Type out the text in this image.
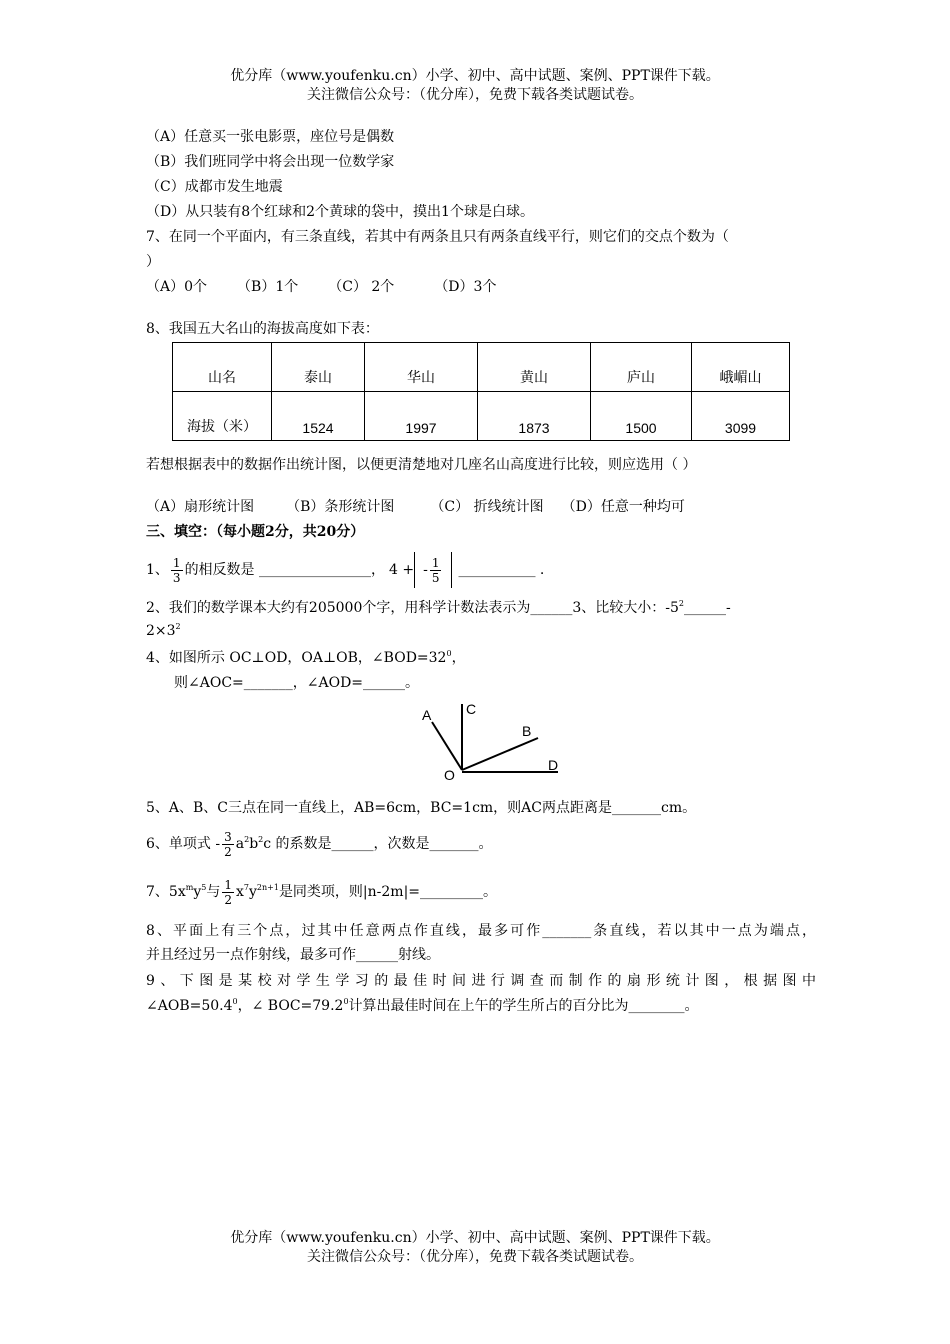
优分库（www.youfenku.cn）小学、初中、高中试题、案例、PPT课件下载。
关注微信公众号：（优分库），免费下载各类试题试卷。
（A）任意买一张电影票，座位号是偶数
（B）我们班同学中将会出现一位数学家
（C）成都市发生地震
（D）从只装有8个红球和2个黄球的袋中，摸出1个球是白球。
7、在同一个平面内，有三条直线，若其中有两条且只有两条直线平行，则它们的交点个数为（
）
（A）0个 （B）1个 （C） 2个	（D）3个
8、我国五大名山的海拔高度如下表：
山名	泰山	华山	黄山	庐山	峨嵋山
海拔（米）	1524	1997	1873	1500	3099
若想根据表中的数据作出统计图，以便更清楚地对几座名山高度进行比较，则应选用（ ）
（A）扇形统计图 （B）条形统计图	（C） 折线统计图 （D）任意一种均可
三、填空：（每小题2分，共20分）
1、 $\frac{1}{3}$ 的相反数是 ________________， 4 + - $\frac{1}{5}$ ___________ .
2、我们的数学课本大约有205000个字，用科学计数法表示为______3、比较大小：$-5^2\_\_\_\_\_\_-$
$2\times 3^2$
4、如图所示 OC⊥OD，OA⊥OB，$\angle BOD=32^0$，
则∠AOC=_______，∠AOD=______。
A C
B
O
D
5、A、B、C三点在同一直线上，AB=6cm，BC=1cm，则AC两点距离是_______cm。
6、单项式 - $\frac{3}{2} a^2b^2c$ 的系数是______，次数是_______。
7、$5x^my^5$与 $\frac{1}{2} x^7y^{2n+1}$是同类项，则|n-2m|=_________。
8、平面上有三个点，过其中任意两点作直线，最多可作_______条直线，若以其中一点为端点，
并且经过另一点作射线，最多可作______射线。
9、下图是某校对学生学习的最佳时间进行调查而制作的扇形统计图，根据图中
$\angle AOB=50.4^0$，∠ $BOC=79.2^0$计算出最佳时间在上午的学生所占的百分比为________。
优分库（www.youfenku.cn）小学、初中、高中试题、案例、PPT课件下载。
关注微信公众号：（优分库），免费下载各类试题试卷。
